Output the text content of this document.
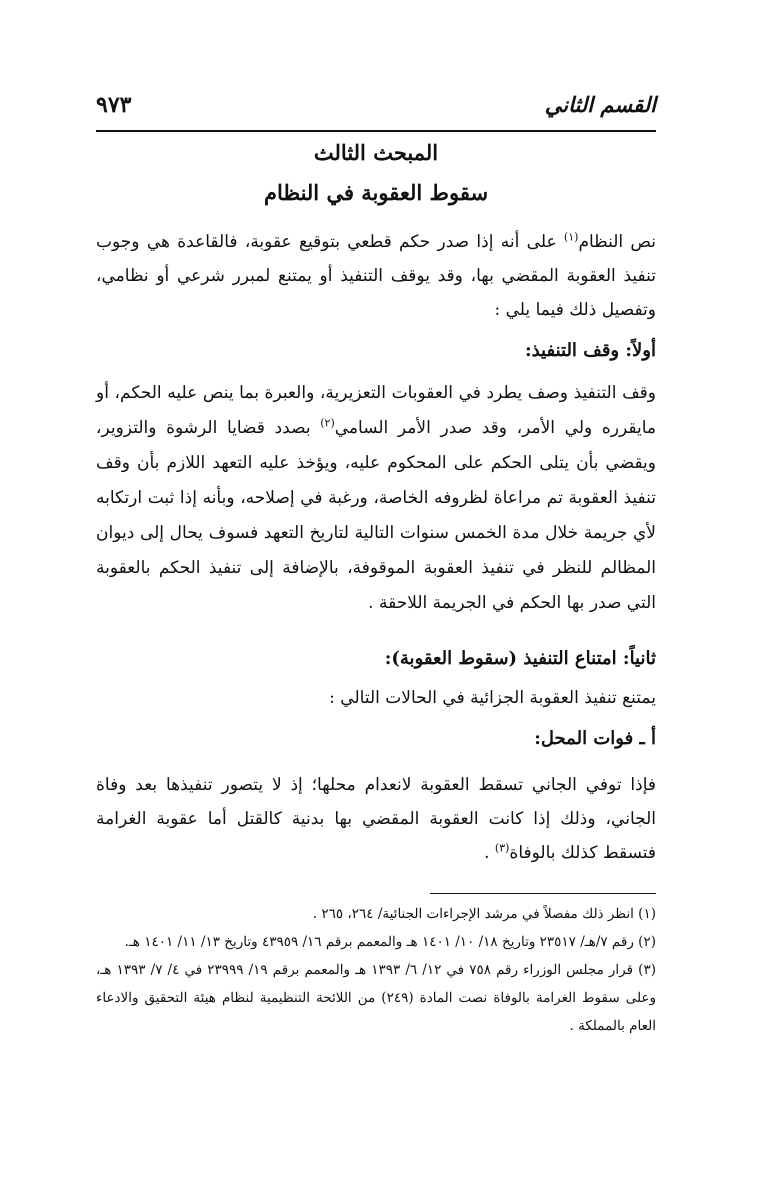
القسم الثاني
٩٧٣
المبحث الثالث
سقوط العقوبة في النظام

نص النظام$^{(١)}$ على أنه إذا صدر حكم قطعي بتوقيع عقوبة، فالقاعدة هي وجوب تنفيذ العقوبة المقضي بها، وقد يوقف التنفيذ أو يمتنع لمبرر شرعي أو نظامي، وتفصيل ذلك فيما يلي :

أولاً: وقف التنفيذ:

وقف التنفيذ وصف يطرد في العقوبات التعزيرية، والعبرة بما ينص عليه الحكم، أو مايقرره ولي الأمر، وقد صدر الأمر السامي$^{(٢)}$ بصدد قضايا الرشوة والتزوير، ويقضي بأن يتلى الحكم على المحكوم عليه، ويؤخذ عليه التعهد اللازم بأن وقف تنفيذ العقوبة تم مراعاة لظروفه الخاصة، ورغبة في إصلاحه، وبأنه إذا ثبت ارتكابه لأي جريمة خلال مدة الخمس سنوات التالية لتاريخ التعهد فسوف يحال إلى ديوان المظالم للنظر في تنفيذ العقوبة الموقوفة، بالإضافة إلى تنفيذ الحكم بالعقوبة التي صدر بها الحكم في الجريمة اللاحقة .

ثانياً: امتناع التنفيذ (سقوط العقوبة):
يمتنع تنفيذ العقوبة الجزائية في الحالات التالي :
أ ـ فوات المحل:

فإذا توفي الجاني تسقط العقوبة لانعدام محلها؛ إذ لا يتصور تنفيذها بعد وفاة الجاني، وذلك إذا كانت العقوبة المقضي بها بدنية كالقتل أما عقوبة الغرامة فتسقط كذلك بالوفاة$^{(٣)}$ .

(١) انظر ذلك مفصلاً في مرشد الإجراءات الجنائية/ ٢٦٤، ٢٦٥ .

(٢) رقم ٧/هـ/ ٢٣٥١٧ وتاريخ ١٨/ ١٠/ ١٤٠١ هـ والمعمم برقم ١٦/ ٤٣٩٥٩ وتاريخ ١٣/ ١١/ ١٤٠١ هـ.

(٣) قرار مجلس الوزراء رقم ٧٥٨ في ١٢/ ٦/ ١٣٩٣ هـ والمعمم برقم ١٩/ ٢٣٩٩٩ في ٤/ ٧/ ١٣٩٣ هـ، وعلى سقوط الغرامة بالوفاة نصت المادة (٢٤٩) من اللائحة التنظيمية لنظام هيئة التحقيق والادعاء العام بالمملكة .
